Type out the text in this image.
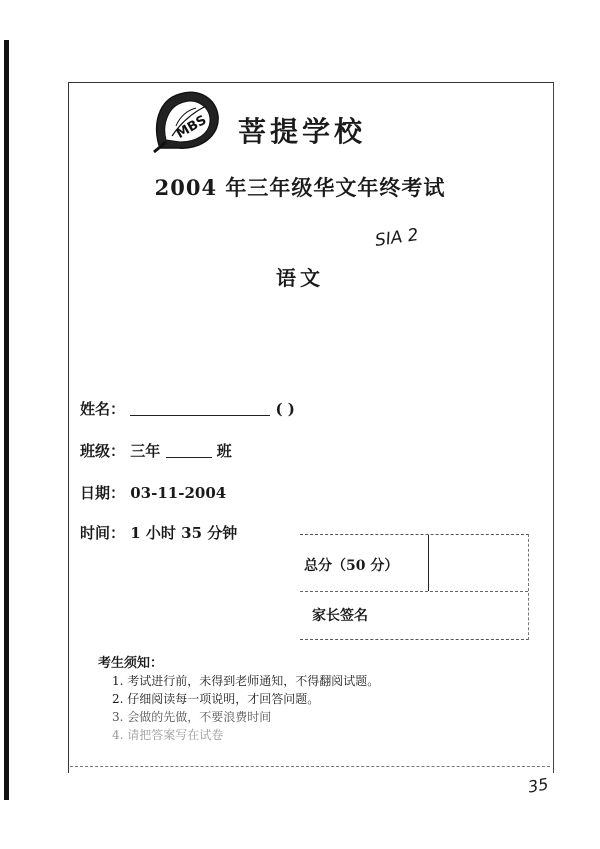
MBS 菩提学校
2004 年三年级华文年终考试
SIA 2
语文
姓名：	( )
班级： 三年	班
日期： 03-11-2004
时间： 1 小时 35 分钟
总分（50 分）
家长签名
考生须知：
1. 考试进行前，未得到老师通知，不得翻阅试题。
2. 仔细阅读每一项说明，才回答问题。
3. 会做的先做，不要浪费时间
4. 请把答案写在试卷
35
